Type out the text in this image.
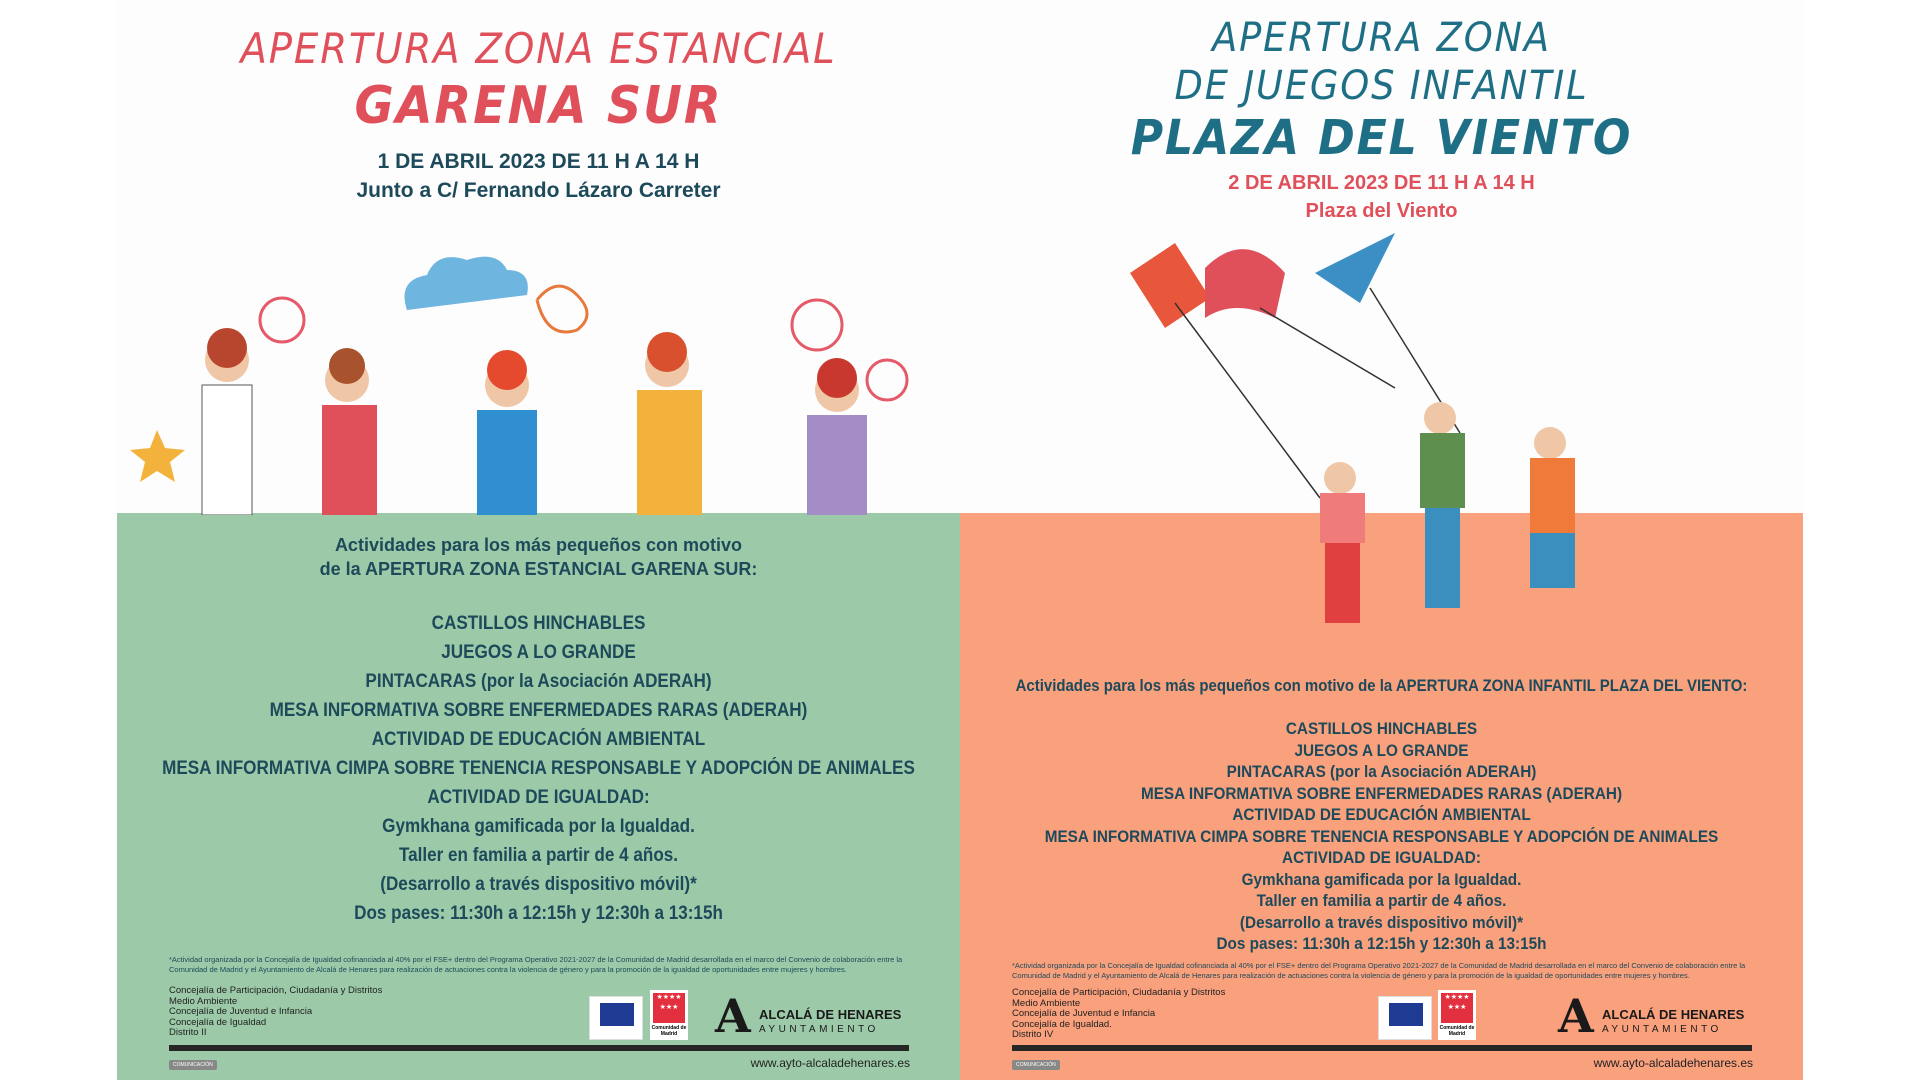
APERTURA ZONA ESTANCIAL
GARENA SUR
1 DE ABRIL 2023 DE 11 H A 14 H
Junto a C/ Fernando Lázaro Carreter
Actividades para los más pequeños con motivo
de la APERTURA ZONA ESTANCIAL GARENA SUR:
CASTILLOS HINCHABLES
JUEGOS A LO GRANDE
PINTACARAS (por la Asociación ADERAH)
MESA INFORMATIVA SOBRE ENFERMEDADES RARAS (ADERAH)
ACTIVIDAD DE EDUCACIÓN AMBIENTAL
MESA INFORMATIVA CIMPA SOBRE TENENCIA RESPONSABLE Y ADOPCIÓN DE ANIMALES
ACTIVIDAD DE IGUALDAD:
Gymkhana gamificada por la Igualdad.
Taller en familia a partir de 4 años.
(Desarrollo a través dispositivo móvil)*
Dos pases: 11:30h a 12:15h y 12:30h a 13:15h
*Actividad organizada por la Concejalía de Igualdad cofinanciada al 40% por el FSE+ dentro del Programa Operativo 2021-2027 de la Comunidad de Madrid desarrollada en el marco del Convenio de colaboración entre la Comunidad de Madrid y el Ayuntamiento de Alcalá de Henares para realización de actuaciones contra la violencia de género y para la promoción de la igualdad de oportunidades entre mujeres y hombres.
Concejalía de Participación, Ciudadanía y Distritos
Medio Ambiente
Concejalía de Juventud e Infancia
Concejalía de Igualdad
Distrito II
★★★★ ★★★
Comunidad de Madrid A ALCALÁ DE HENARES
AYUNTAMIENTO
COMUNICACIÓN	www.ayto-alcaladehenares.es
APERTURA ZONA
DE JUEGOS INFANTIL
PLAZA DEL VIENTO
2 DE ABRIL 2023 DE 11 H A 14 H
Plaza del Viento
Actividades para los más pequeños con motivo de la APERTURA ZONA INFANTIL PLAZA DEL VIENTO:
CASTILLOS HINCHABLES
JUEGOS A LO GRANDE
PINTACARAS (por la Asociación ADERAH)
MESA INFORMATIVA SOBRE ENFERMEDADES RARAS (ADERAH)
ACTIVIDAD DE EDUCACIÓN AMBIENTAL
MESA INFORMATIVA CIMPA SOBRE TENENCIA RESPONSABLE Y ADOPCIÓN DE ANIMALES
ACTIVIDAD DE IGUALDAD:
Gymkhana gamificada por la Igualdad.
Taller en familia a partir de 4 años.
(Desarrollo a través dispositivo móvil)*
Dos pases: 11:30h a 12:15h y 12:30h a 13:15h
*Actividad organizada por la Concejalía de Igualdad cofinanciada al 40% por el FSE+ dentro del Programa Operativo 2021-2027 de la Comunidad de Madrid desarrollada en el marco del Convenio de colaboración entre la Comunidad de Madrid y el Ayuntamiento de Alcalá de Henares para realización de actuaciones contra la violencia de género y para la promoción de la igualdad de oportunidades entre mujeres y hombres.
Concejalía de Participación, Ciudadanía y Distritos
Medio Ambiente
Concejalía de Juventud e Infancia
Concejalía de Igualdad.
Distrito IV
★★★★ ★★★
Comunidad de Madrid A ALCALÁ DE HENARES
AYUNTAMIENTO
COMUNICACIÓN	www.ayto-alcaladehenares.es
